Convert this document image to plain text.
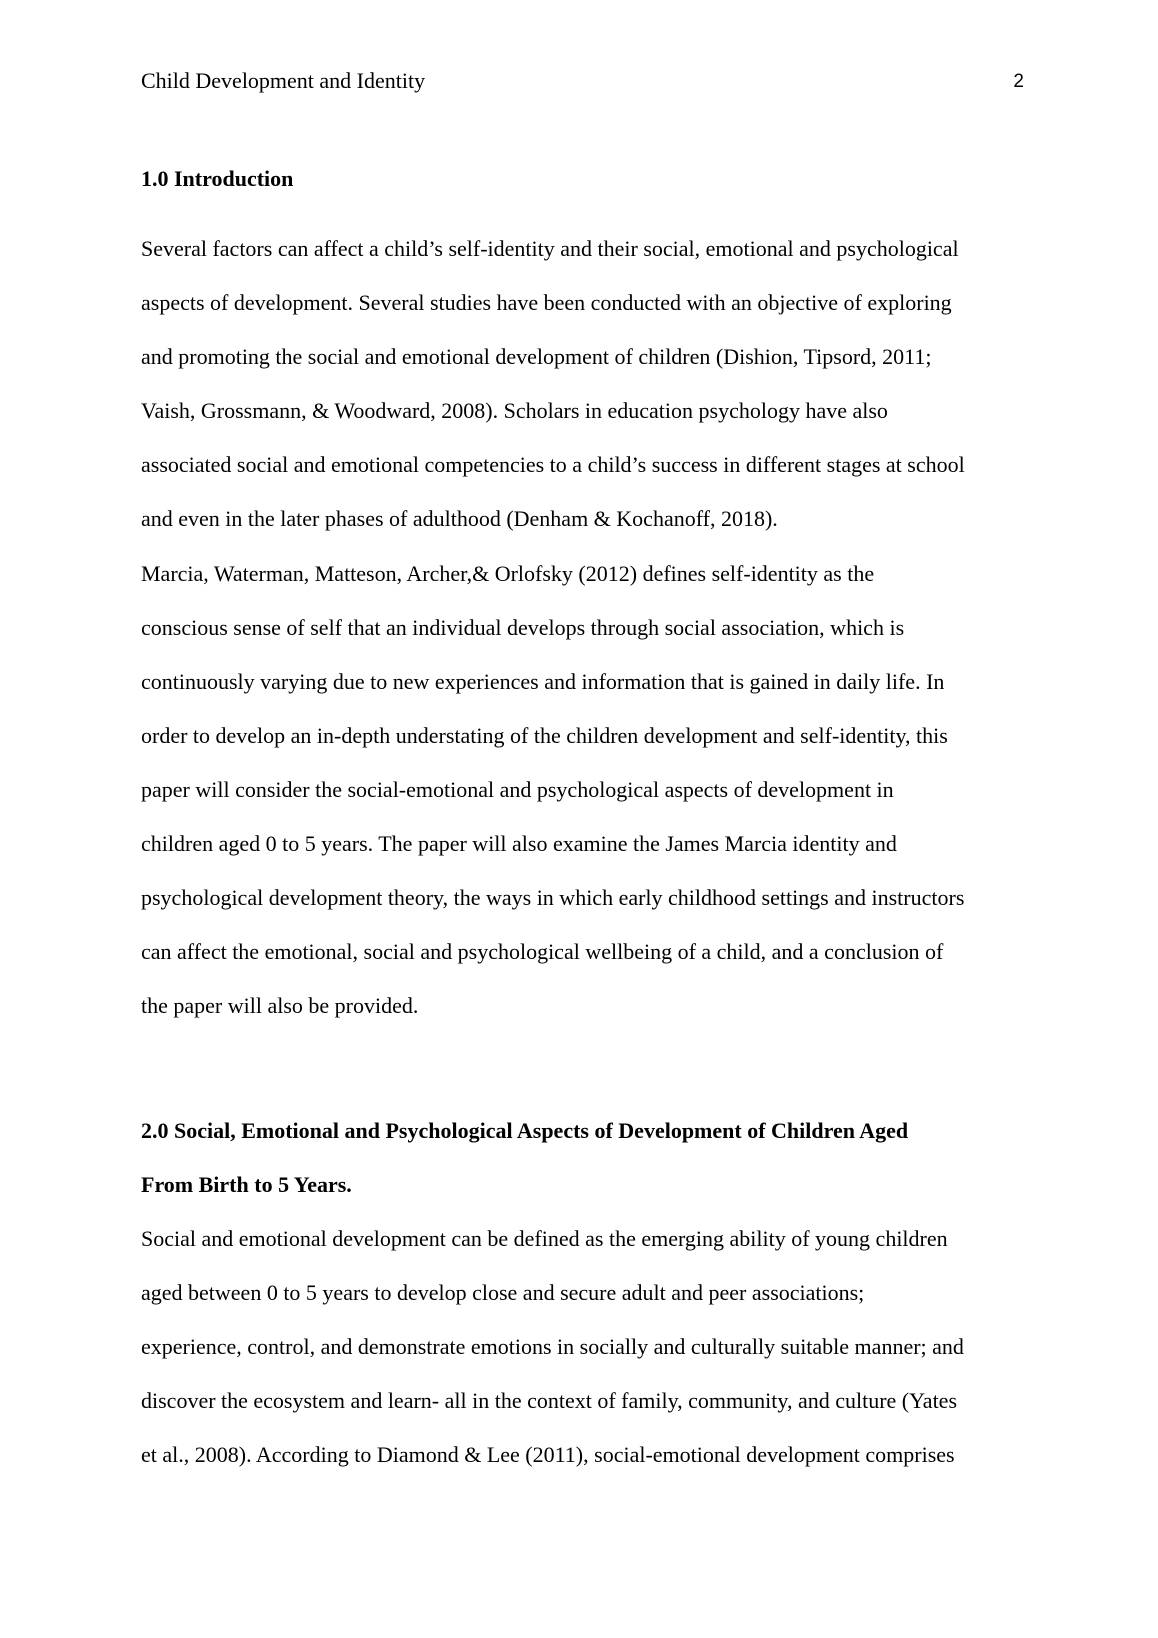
Child Development and Identity	2
1.0 Introduction

Several factors can affect a child’s self-identity and their social, emotional and psychological
aspects of development. Several studies have been conducted with an objective of exploring
and promoting the social and emotional development of children (Dishion, Tipsord, 2011;
Vaish, Grossmann, & Woodward, 2008). Scholars in education psychology have also
associated social and emotional competencies to a child’s success in different stages at school
and even in the later phases of adulthood (Denham & Kochanoff, 2018).

Marcia, Waterman, Matteson, Archer,& Orlofsky (2012) defines self-identity as the
conscious sense of self that an individual develops through social association, which is
continuously varying due to new experiences and information that is gained in daily life. In
order to develop an in-depth understating of the children development and self-identity, this
paper will consider the social-emotional and psychological aspects of development in
children aged 0 to 5 years. The paper will also examine the James Marcia identity and
psychological development theory, the ways in which early childhood settings and instructors
can affect the emotional, social and psychological wellbeing of a child, and a conclusion of
the paper will also be provided.

2.0 Social, Emotional and Psychological Aspects of Development of Children Aged
From Birth to 5 Years.

Social and emotional development can be defined as the emerging ability of young children
aged between 0 to 5 years to develop close and secure adult and peer associations;
experience, control, and demonstrate emotions in socially and culturally suitable manner; and
discover the ecosystem and learn- all in the context of family, community, and culture (Yates
et al., 2008). According to Diamond & Lee (2011), social-emotional development comprises
